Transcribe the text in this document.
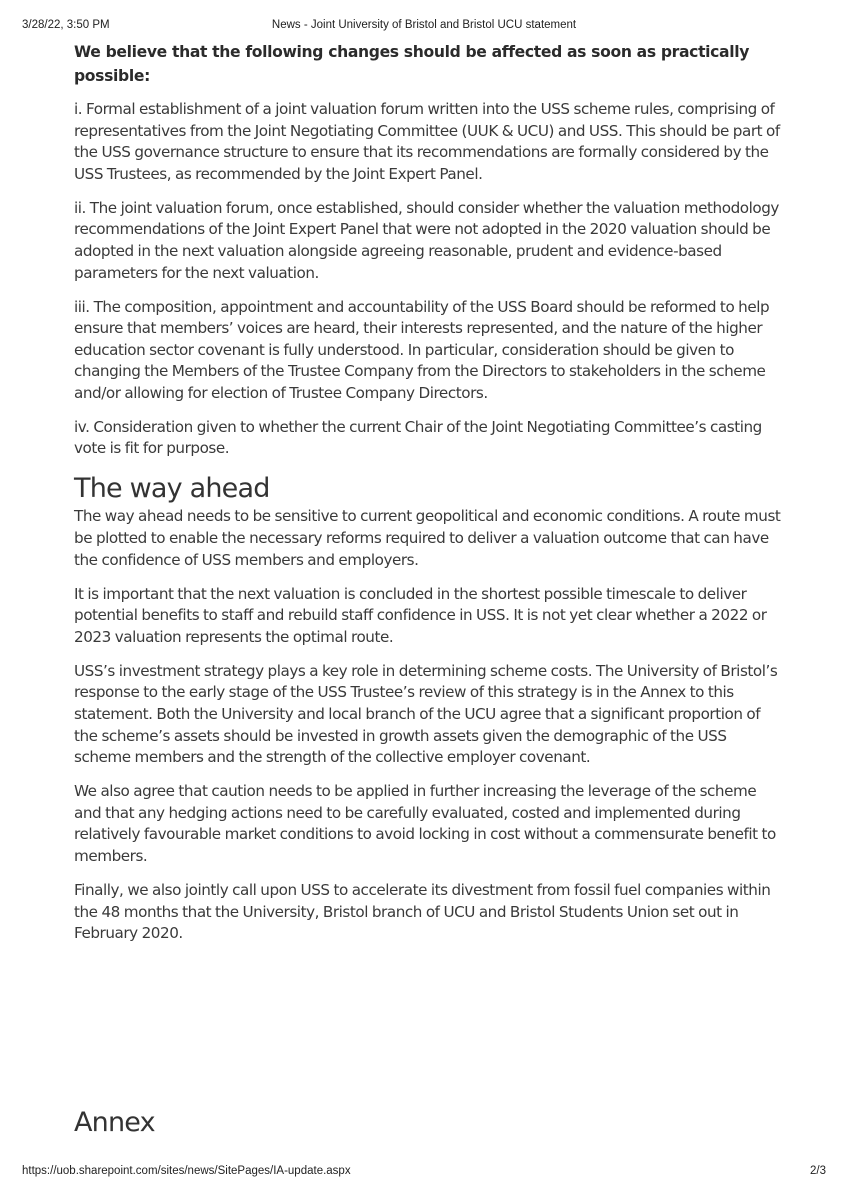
3/28/22, 3:50 PM	News - Joint University of Bristol and Bristol UCU statement
We believe that the following changes should be affected as soon as practically possible:

i. Formal establishment of a joint valuation forum written into the USS scheme rules, comprising of representatives from the Joint Negotiating Committee (UUK & UCU) and USS. This should be part of the USS governance structure to ensure that its recommendations are formally considered by the USS Trustees, as recommended by the Joint Expert Panel.

ii. The joint valuation forum, once established, should consider whether the valuation methodology recommendations of the Joint Expert Panel that were not adopted in the 2020 valuation should be adopted in the next valuation alongside agreeing reasonable, prudent and evidence-based parameters for the next valuation.

iii. The composition, appointment and accountability of the USS Board should be reformed to help ensure that members’ voices are heard, their interests represented, and the nature of the higher education sector covenant is fully understood. In particular, consideration should be given to changing the Members of the Trustee Company from the Directors to stakeholders in the scheme and/or allowing for election of Trustee Company Directors.

iv. Consideration given to whether the current Chair of the Joint Negotiating Committee’s casting vote is fit for purpose.

The way ahead

The way ahead needs to be sensitive to current geopolitical and economic conditions. A route must be plotted to enable the necessary reforms required to deliver a valuation outcome that can have the confidence of USS members and employers.

It is important that the next valuation is concluded in the shortest possible timescale to deliver potential benefits to staff and rebuild staff confidence in USS. It is not yet clear whether a 2022 or 2023 valuation represents the optimal route.

USS’s investment strategy plays a key role in determining scheme costs. The University of Bristol’s response to the early stage of the USS Trustee’s review of this strategy is in the Annex to this statement. Both the University and local branch of the UCU agree that a significant proportion of the scheme’s assets should be invested in growth assets given the demographic of the USS scheme members and the strength of the collective employer covenant.

We also agree that caution needs to be applied in further increasing the leverage of the scheme and that any hedging actions need to be carefully evaluated, costed and implemented during relatively favourable market conditions to avoid locking in cost without a commensurate benefit to members.

Finally, we also jointly call upon USS to accelerate its divestment from fossil fuel companies within the 48 months that the University, Bristol branch of UCU and Bristol Students Union set out in February 2020.

Annex
https://uob.sharepoint.com/sites/news/SitePages/IA-update.aspx	2/3
